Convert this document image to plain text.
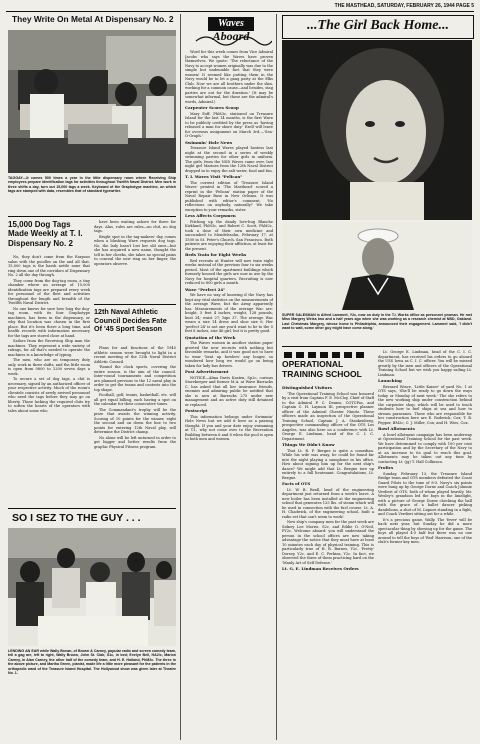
THE MASTHEAD, SATURDAY, FEBRUARY 26, 1944 PAGE 5
They Write On Metal At Dispensary No. 2
TAGGAY—It comes 500 times a year in the little dispensary room where Receiving Ship employees prepare identification tags for activities throughout Twelfth Naval District. Men work in three shifts a day, turn out 15,000 tags a week. Keyboard of the Graphotype machine, on which tags are stamped with data, resembles that of standard typewriter.
15,000 Dog Tags Made Weekly at T. I. Dispensary No. 2

No, they don't come from the Earpoos salon with the poodles on the and all that. 15,000 tags is the harsh nettle none that ring down one of the corridors of Dispensary No. 2 all the day through.

They come from the dog-tag room, a tiny chamber where an average of 15,000 identification tags are prepared every week for personnel of the fleet and activities throughout the length and breadth of the Twelfth Naval District.

No one knows for sure how long the dog-tag room, with its four Graphotype machines, has been in the dispensary, or why that location was chosen in the first place. But it's been there a long time, and health records with information necessary for the tags are stored close at hand.

Sailors from the Receiving Ship man the machines. They represent a wide variety of ratings, for all that's needed to operate the machines is a knowledge of typing.

The men, who are on temporary duty only, work in three shifts, and the little room is open from 0800 to 2200 seven days a week.

To secure a set of dog tags, a chit is necessary, signed by an authorized officer of your respective activity. Much of the room's clientele consists of newly arrived personnel who need the tags before they may go on liberty. Those lacking the required chits try to soften the hearts of the operators with tales about some who

have been waiting ashore for three for days. Alas, rules are rules—no chit, no dog tags.

Bright spot in the tag-makers' day comes when a blushing Wave requests dog tags. No, the lady hasn't lost her old ones—but she has acquired a new name, thought the tell in her cheeks, she takes no special pains to conceal the new ring on her finger, the operators observe.

12th Naval Athletic Council Decides Fate Of '45 Sport Season

Plans for and functions of the 1945 athletic season were brought to light in a recent meeting of the 12th Naval District Athletic Council.

'Round the clock sports, covering the entire season, is the aim of the council. Inter-round tournaments and competition are planned previous to the 12 naval play in order to get the teams and contests into the top shape.

Football, golf, tennis, basketball, etc. will all get equal billing, each having a spot on the calendar for their consecutive times.

The Commandant's trophy will be the prize that awaits the winning activity. Scoring of 10 points for the winner, eight the second and on down the line to two points for entering 12th Naval play, will determine the District champ.

No alone will be left unturned in order to get bigger and better results from the graphic Physical Fitness program.

SO I SEZ TO THE GUY . . .
LENDING AN EAR while Wally Brown, of Brown & Carney, popular radio and screen comedy team, tell a gag are, left to right, Wally Brown, John St. Clair, S1c, in bed; Evelyn Bell, HA2/c, Marion Carney, in Alan Carney, the other half of the comedy team, and H. E. Holland, PhM2c. The three in the above picture, and Martha Green, pianist, made life a little more pleasant for the patients in the orthopedic ward of the Treasure Island Hospital. The Hollywood show was given later at Theatre No. 1.
Waves
Aboard

Word for this week comes from Vice Admiral Jacobs who says the Waves have proven themselves. We quote: 'The reluctance of the Navy to accept women originally was due to the simple but undeniable fact that they were women! It seemed like putting them in the Navy would be to let a gang party at the Elks Club. Now we are all brothers under the skin, working for a common cause—and besides, stag parties are out for the duration.' (It may be somewhat informal, but those are the admiral's words, Admiral.)

Carpenter Scores Scoop

Mary Eoff, PhM3c, stationed on Treasure Island for the last 14 months, is the first Wave to be publicly credited by the press as 'having released a man for shore duty.' Ezell will leave for overseas assignment on March 3rd.—'Sea-O-Graph.'

Swimmin' Hole News

Treasure Island Waves played hostess last night at the second in a series of weekly swimming parties for other girls in uniform. The girls, from the NSD Waves came over, last night girl Marines from the 12th Naval District dropped in to enjoy the salt water, food and fun.

T. I. Waves Visit "Pelican"

The current edition of 'Treasure Island Waves' printed in 'The Masthead' scored a reprint in the 'Pelican' station paper of the Naval Repair Base in New Orleans. It was published with editor's comment, 'No reflections on anybody, naturally!' We take exception to your remarks, sister.

Less Affects Corpsmen

Pitching up the dandy love-bug Blanche Kirkland, PhM3c, and Robert C. Scott, PhM2c, took a dose of their own medicine and succumbed to Mendelssohn, February 17, at 1500 in St. Peter's Church, San Francisco. Both patients are enjoying their affliction, at least for the present.

Beds Train for Eight Weeks

Bed recruits at Hunter will now train eight weeks instead of the previous four to six weeks period. Most of the apartment buildings which formerly housed the girls are now in use by the Navy for hospital quarters. Recruiting is now reduced to 800 girls a month.

Wave "Perfect 24"

We have no way of knowing if the Navy has kept any vital statistics on the measurements of the average Wave, but the Army apparently has. Measurements of the average Wac are: height, 5 feet 4 inches; weight, 128 pounds; bust 34; waist 27; hips 37. The average Wac wears a size 14 dress and shoe size 6. Her 'perfect 24' is not one you'd want to be to the 5 feet 8 inches, size 46 girl, but it is pretty good.

Quotation of the Week

The Waves women in another station paper greeted the new recruits with nothing but favorable remarks, and it was good not to have to wear 'beat up bowlers' any longer, so wondered how long we would go on being taken for lady bus drivers.

Post Advertisement

NOTICE—Alma Davis Kasten, Sp2c, curious Storekeeper and former M.A. at Wave Barracks C, has asked that all her insurance friends, enemies and admiring public be notified that she is now at Barracks 275 under new management and an active duty still detained or replaced.

Postscript

This information belongs under Swimmin' Hole News but we add it here as a passing thought. If you and your date enjoy swimming at T.I., why not come over to the Recreation Building between 6 and 8 when the pool is open to both men and women.

...The Girl Back Home...
SUPER SALESMAN is Alfred Lammert, Y2c, now on duty in the T.I. Works office as personnel yeoman. He met Miss Margery Weiss two and a half years ago when she was working as a research chemist at NBD, Oakland. Last Christmas Margery, whose home is Philadelphia, announced their engagement. Lammert said, 'I didn't want to wait, some other guy might have come along.'
OPERATIONAL TRAINING SCHOOL

Distinguished Visitors

'The Operational Training School was honored by a visit from Captain F. E. McCloy, Chief of Staff to the Admiral F. C. Dennis, COTCPac, and Captain C. H. Laymon III, prospective planner officer of the Admiral Chester Nimitz. These officers made an inspection of the Operational Training School, Captain J. A. Stankenberg, prospective commanding officer of the OTS Los Angeles, was also here on a conference with Lt. George E. Lindman, head of the C. I. C. Department.

Things We Didn't Know

That Lt. R. F. Bergne is quite a comedian. While his wife was away, he could be found far into the night playing a saxophone in his office. How about signing him up for the next ship's dance? We might add that Lt. Bergne tore up entirely to a full lieutenant. Congratulations, Lt. Bergne.

Facts of OTS

Lt. W. B. Beall, head of the engineering department just returned from a week's leave. A new boiler has been installed at the engineering school that generates 125 lbs. of steam which will be used in connection with the fuel course. Lt. A. H. Chadwick, of the engineering school, built a radio set that can't seem to work!

New ship's company men for the past week are Sidney Lee Morris, S2c, and Eddie O. O'Neil, PY2c. Welcome aboard: you will understand the person in the school offices are now taking advantage the notice that they must have at least 10 minutes each day of physical training. This is particularly true of H. B. Barnes, Y2c, 'Pretty' Dorsey, Y2c, and E. C. Perkins, Y2c. In fact, we observed the three of them practicing hard on the 'Manly Art of Self Defense.'

Lt. G. E. Lindman Receives Orders

Lt. George E. Lindman, head of the C. I. C. department, has received his orders to go aboard the USS Iowa as C. I. C. officer. You will be missed greatly by the men and officers of the Operational Training School but we wish you happy sailing Lt. Lindman.

Launching

Bernard Wince, 'Little Kaiser' of yard No. 1 at OTS says, 'She'll be ready to go down the ways today or Monday of next week.' The she refers to the new working ship under construction behind the carpenter shop, which will be used to teach students how to fuel ships at sea and how to stream paravanes. Those who are responsible for her construction here are E. Roderick, Cox; T. B. Pepper, BM2c; C. J. Miller, Cox; and H. Wies, Cox.

Bowl Allotments

A bowl allotment campaign has been underway at Operational Training School for the past week. We have determined to comply with 100 per cent participation and by the Secretary of the Navy to at an increase to its goal to reach this goal. Allotments may be taken out any time by contacting Lt. (jg) T. Hall Collinson.

Frolics

Sunday, February 13, the Treasure Island Bridge team and OTS members defeated the Coast Guard Pilots to the tune of 8-5. Navy's six points were hung up by George Dorne and Coach Johnnie Verdieri of OTS, both of whom played heavily. Mr. Wesley's grandson led the boys in the limelight, with a picture of George Dorne checking the ball with the grace of a ballet dancer picking dandelions, a shot of M. Liquori standing in a fight, and Coach Verdieri sitting out for a while.

It's a precious game, Wally. The 'fever' will be back next year, but Sunday he did a more spectacular thing by showing up for the game. The boys all played 4-5 half but there was no one around to tell the boys of 'Red' Harrison, one of the club's former key men.
